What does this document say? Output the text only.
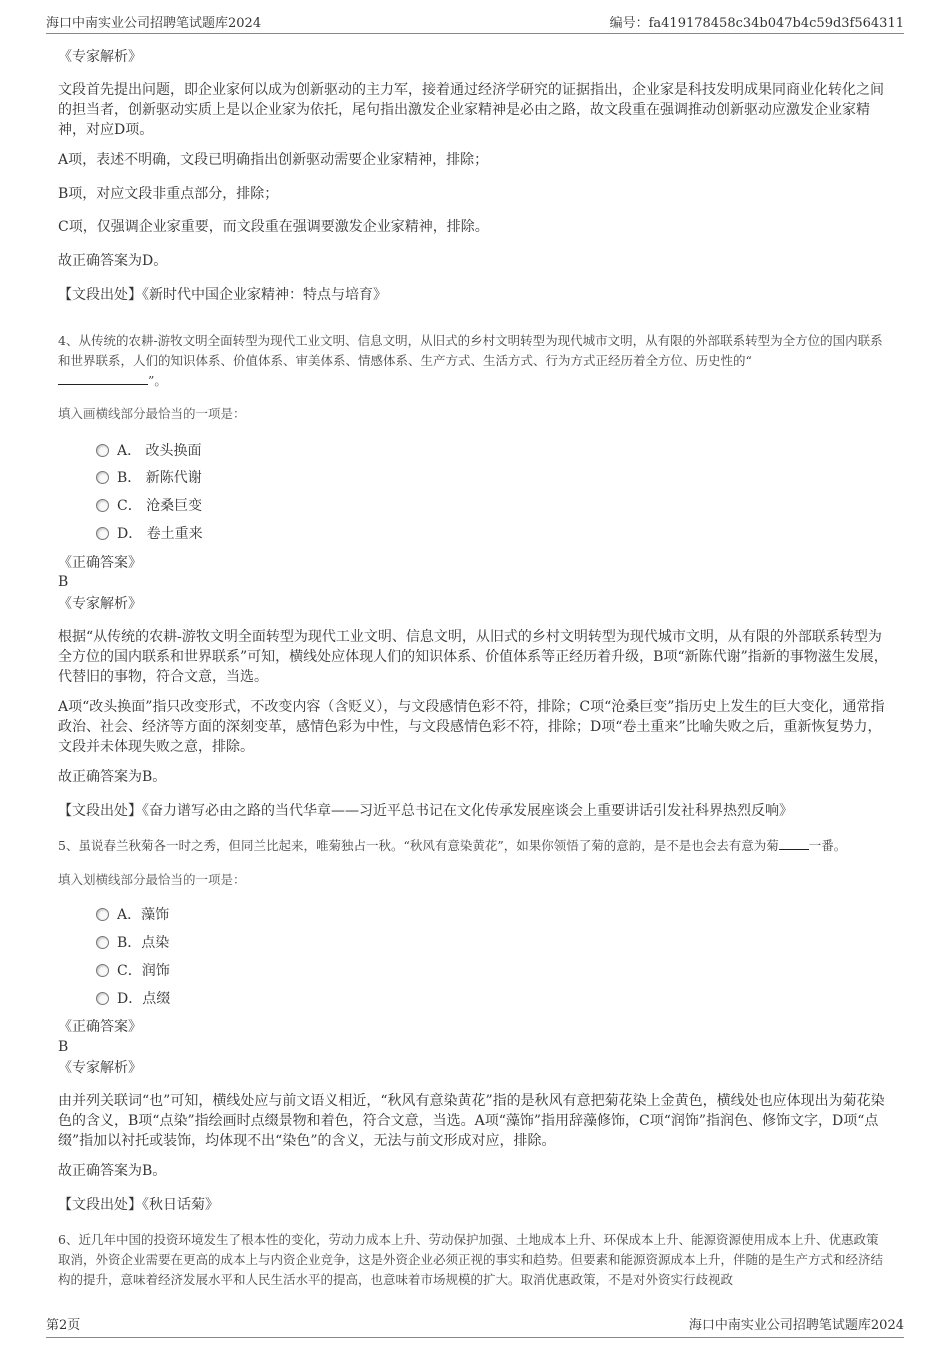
海口中南实业公司招聘笔试题库2024	编号：fa419178458c34b047b4c59d3f564311

《专家解析》

文段首先提出问题，即企业家何以成为创新驱动的主力军，接着通过经济学研究的证据指出，企业家是科技发明成果同商业化转化之间的担当者，创新驱动实质上是以企业家为依托，尾句指出激发企业家精神是必由之路，故文段重在强调推动创新驱动应激发企业家精神，对应D项。

A项，表述不明确，文段已明确指出创新驱动需要企业家精神，排除；

B项，对应文段非重点部分，排除；

C项，仅强调企业家重要，而文段重在强调要激发企业家精神，排除。

故正确答案为D。

【文段出处】《新时代中国企业家精神：特点与培育》

4、从传统的农耕-游牧文明全面转型为现代工业文明、信息文明，从旧式的乡村文明转型为现代城市文明，从有限的外部联系转型为全方位的国内联系和世界联系，人们的知识体系、价值体系、审美体系、情感体系、生产方式、生活方式、行为方式正经历着全方位、历史性的“
”。

填入画横线部分最恰当的一项是：

A． 改头换面
B． 新陈代谢
C． 沧桑巨变
D． 卷土重来

《正确答案》

B

《专家解析》

根据“从传统的农耕-游牧文明全面转型为现代工业文明、信息文明，从旧式的乡村文明转型为现代城市文明，从有限的外部联系转型为全方位的国内联系和世界联系”可知，横线处应体现人们的知识体系、价值体系等正经历着升级，B项“新陈代谢”指新的事物滋生发展，代替旧的事物，符合文意，当选。

A项“改头换面”指只改变形式，不改变内容（含贬义），与文段感情色彩不符，排除；C项“沧桑巨变”指历史上发生的巨大变化，通常指政治、社会、经济等方面的深刻变革，感情色彩为中性，与文段感情色彩不符，排除；D项“卷土重来”比喻失败之后，重新恢复势力，文段并未体现失败之意，排除。

故正确答案为B。

【文段出处】《奋力谱写必由之路的当代华章——习近平总书记在文化传承发展座谈会上重要讲话引发社科界热烈反响》

5、虽说春兰秋菊各一时之秀，但同兰比起来，唯菊独占一秋。“秋风有意染黄花”，如果你领悟了菊的意韵，是不是也会去有意为菊 一番。

填入划横线部分最恰当的一项是：

A．藻饰
B．点染
C．润饰
D．点缀

《正确答案》

B

《专家解析》

由并列关联词“也”可知，横线处应与前文语义相近，“秋风有意染黄花”指的是秋风有意把菊花染上金黄色，横线处也应体现出为菊花染色的含义，B项“点染”指绘画时点缀景物和着色，符合文意，当选。A项“藻饰”指用辞藻修饰，C项“润饰”指润色、修饰文字，D项“点缀”指加以衬托或装饰，均体现不出“染色”的含义，无法与前文形成对应，排除。

故正确答案为B。

【文段出处】《秋日话菊》

6、近几年中国的投资环境发生了根本性的变化，劳动力成本上升、劳动保护加强、土地成本上升、环保成本上升、能源资源使用成本上升、优惠政策取消，外资企业需要在更高的成本上与内资企业竞争，这是外资企业必须正视的事实和趋势。但要素和能源资源成本上升，伴随的是生产方式和经济结构的提升，意味着经济发展水平和人民生活水平的提高，也意味着市场规模的扩大。取消优惠政策，不是对外资实行歧视政

第2页	海口中南实业公司招聘笔试题库2024
